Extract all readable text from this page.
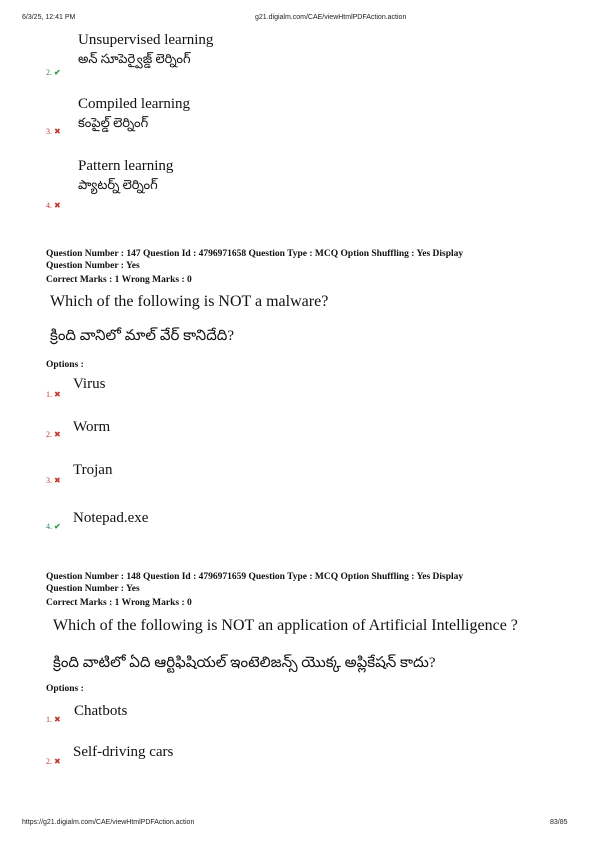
6/3/25, 12:41 PM	g21.digialm.com/CAE/viewHtmlPDFAction.action
Unsupervised learning
అన్ సూపెర్వైజ్డ్ లెర్నింగ్
2. ✔
Compiled learning
కంపైల్డ్ లెర్నింగ్
3. ✖
Pattern learning
ప్యాటర్న్ లెర్నింగ్
4. ✖
Question Number : 147 Question Id : 4796971658 Question Type : MCQ Option Shuffling : Yes Display
Question Number : Yes
Correct Marks : 1 Wrong Marks : 0
Which of the following is NOT a malware?
క్రింది వానిలో మాల్ వేర్ కానిదేది?
Options :
Virus
1. ✖
Worm
2. ✖
Trojan
3. ✖
Notepad.exe
4. ✔
Question Number : 148 Question Id : 4796971659 Question Type : MCQ Option Shuffling : Yes Display
Question Number : Yes
Correct Marks : 1 Wrong Marks : 0
Which of the following is NOT an application of Artificial Intelligence ?
క్రింది వాటిలో ఏది ఆర్టిఫిషియల్ ఇంటెలిజన్స్ యొక్క అప్లికేషన్ కాదు?
Options :
Chatbots
1. ✖
Self-driving cars
2. ✖
https://g21.digialm.com/CAE/viewHtmlPDFAction.action	83/85
